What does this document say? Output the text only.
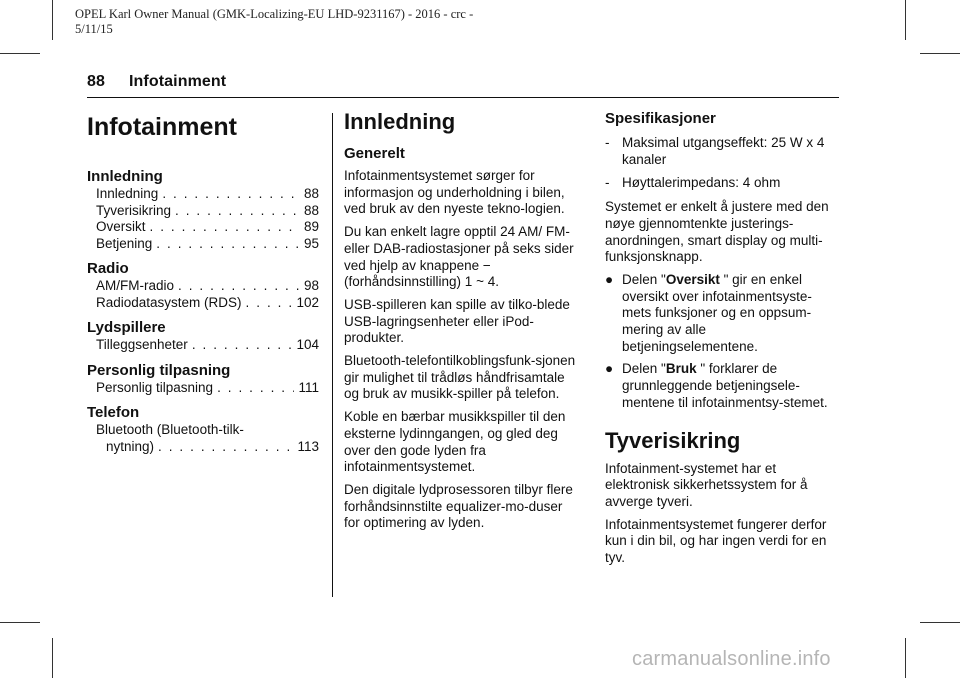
OPEL Karl Owner Manual (GMK-Localizing-EU LHD-9231167) - 2016 - crc - 5/11/15
88 Infotainment
Infotainment
Innledning
Innledning . . .	88
Tyverisikring . . .	88
Oversikt . . .	89
Betjening . . .	95
Radio
AM/FM-radio . . .	98
Radiodatasystem (RDS) . . .	102
Lydspillere
Tilleggsenheter . . .	104
Personlig tilpasning
Personlig tilpasning . . .	111
Telefon
Bluetooth (Bluetooth-tilk-
nytning) . . .	113
Innledning
Generelt

Infotainmentsystemet sørger for informasjon og underholdning i bilen, ved bruk av den nyeste tekno-logien.

Du kan enkelt lagre opptil 24 AM/ FM- eller DAB-radiostasjoner på seks sider ved hjelp av knappene − (forhåndsinnstilling) 1 ~ 4.

USB-spilleren kan spille av tilko-blede USB-lagringsenheter eller iPod-produkter.

Bluetooth-telefontilkoblingsfunk-sjonen gir mulighet til trådløs håndfrisamtale og bruk av musikk-spiller på telefon.

Koble en bærbar musikkspiller til den eksterne lydinngangen, og gled deg over den gode lyden fra infotainmentsystemet.

Den digitale lydprosessoren tilbyr flere forhåndsinnstilte equalizer-mo-duser for optimering av lyden.

Spesifikasjoner
- Maksimal utgangseffekt: 25 W x 4 kanaler
- Høyttalerimpedans: 4 ohm

Systemet er enkelt å justere med den nøye gjennomtenkte justerings-anordningen, smart display og multi-funksjonsknapp.

● Delen "Oversikt " gir en enkel oversikt over infotainmentsyste-mets funksjoner og en oppsum-mering av alle betjeningselementene.
● Delen "Bruk " forklarer de grunnleggende betjeningsele-mentene til infotainmentsy-stemet.
Tyverisikring

Infotainment-systemet har et elektronisk sikkerhetssystem for å avverge tyveri.

Infotainmentsystemet fungerer derfor kun i din bil, og har ingen verdi for en tyv.

carmanualsonline.info
